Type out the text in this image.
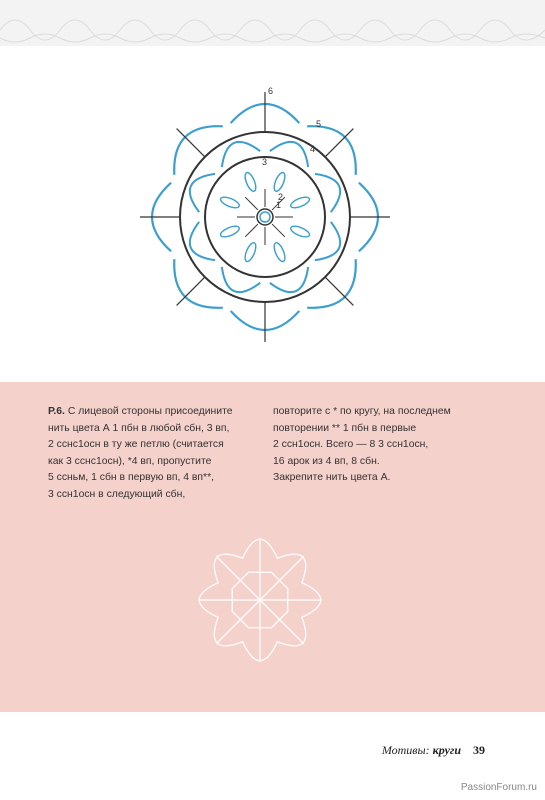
2
1
3
4
5
6
Р.6. С лицевой стороны присоедините
нить цвета А 1 пбн в любой сбн, 3 вп,
2 сснс1осн в ту же петлю (считается
как 3 сснс1осн), *4 вп, пропустите
5 ссньм, 1 сбн в первую вп, 4 вп**,
3 ссн1осн в следующий сбн,
повторите с * по кругу, на последнем
повторении ** 1 пбн в первые
2 ссн1осн. Всего — 8 3 ссн1осн,
16 арок из 4 вп, 8 сбн.
Закрепите нить цвета А.
Мотивы: круги 39
PassionForum.ru
